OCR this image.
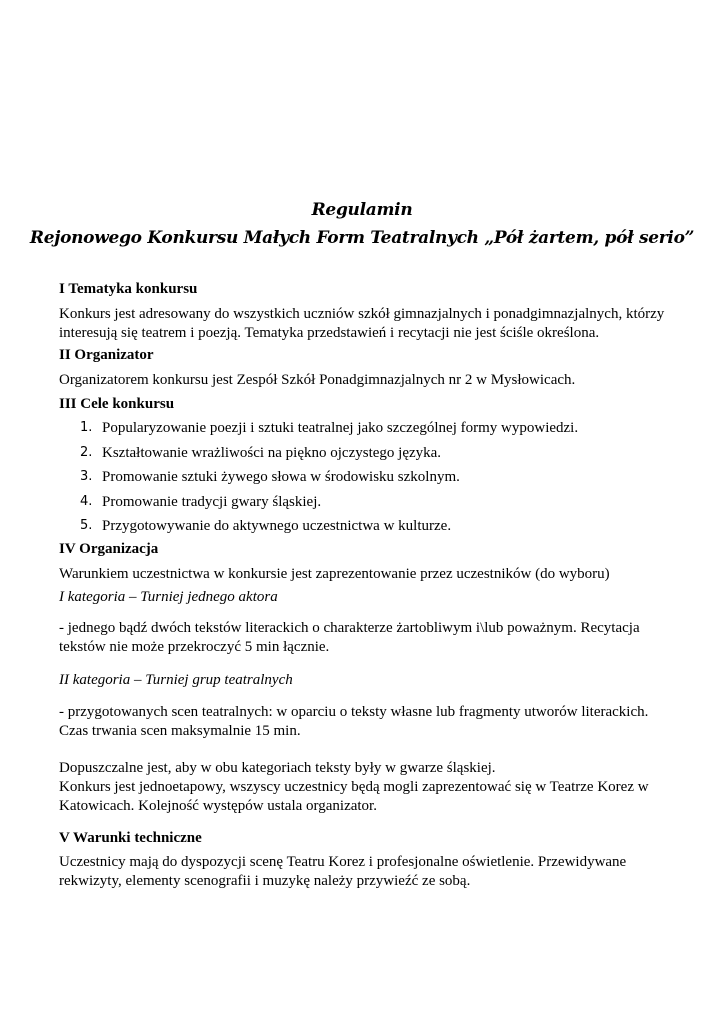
Regulamin
Rejonowego Konkursu Małych Form Teatralnych „Pół żartem, pół serio”

I Tematyka konkursu

Konkurs jest adresowany do wszystkich uczniów szkół gimnazjalnych i ponadgimnazjalnych, którzy interesują się teatrem i poezją. Tematyka przedstawień i recytacji nie jest ściśle określona.

II Organizator

Organizatorem konkursu jest Zespół Szkół Ponadgimnazjalnych nr 2 w Mysłowicach.

III Cele konkursu

1. Popularyzowanie poezji i sztuki teatralnej jako szczególnej formy wypowiedzi.
2. Kształtowanie wrażliwości na piękno ojczystego języka.
3. Promowanie sztuki żywego słowa w środowisku szkolnym.
4. Promowanie tradycji gwary śląskiej.
5. Przygotowywanie do aktywnego uczestnictwa w kulturze.

IV Organizacja

Warunkiem uczestnictwa w konkursie jest zaprezentowanie przez uczestników (do wyboru)

I kategoria – Turniej jednego aktora

- jednego bądź dwóch tekstów literackich o charakterze żartobliwym i\lub poważnym. Recytacja tekstów nie może przekroczyć 5 min łącznie.

II kategoria – Turniej grup teatralnych

- przygotowanych scen teatralnych: w oparciu o teksty własne lub fragmenty utworów literackich. Czas trwania scen maksymalnie 15 min.

Dopuszczalne jest, aby w obu kategoriach teksty były w gwarze śląskiej.

Konkurs jest jednoetapowy, wszyscy uczestnicy będą mogli zaprezentować się w Teatrze Korez w Katowicach. Kolejność występów ustala organizator.

V Warunki techniczne

Uczestnicy mają do dyspozycji scenę Teatru Korez i profesjonalne oświetlenie. Przewidywane rekwizyty, elementy scenografii i muzykę należy przywieźć ze sobą.
